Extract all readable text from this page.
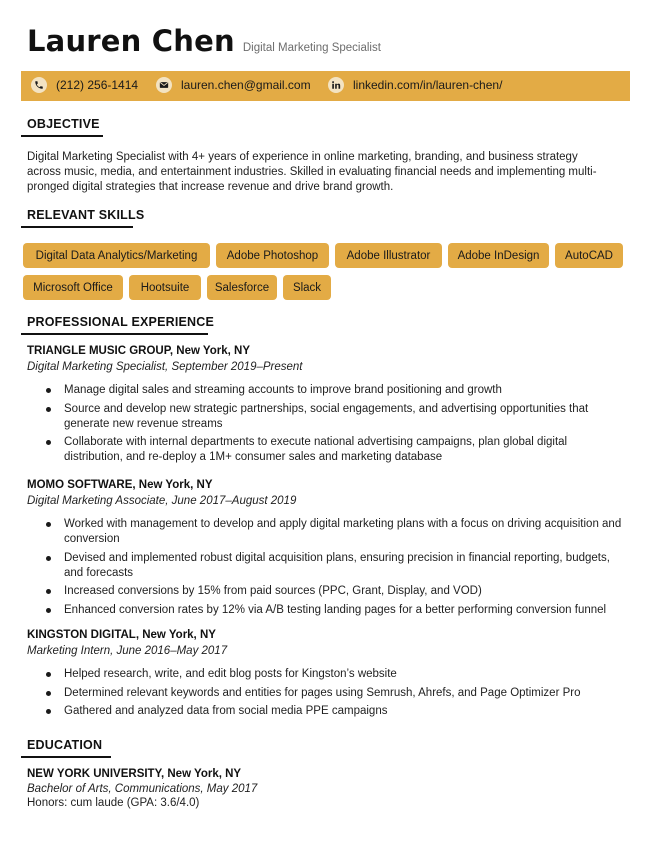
Lauren Chen Digital Marketing Specialist
(212) 256-1414	lauren.chen@gmail.com	linkedin.com/in/lauren-chen/
OBJECTIVE
Digital Marketing Specialist with 4+ years of experience in online marketing, branding, and business strategy across music, media, and entertainment industries. Skilled in evaluating financial needs and implementing multi-pronged digital strategies that increase revenue and drive brand growth.
RELEVANT SKILLS
Digital Data Analytics/Marketing	Adobe Photoshop	Adobe Illustrator	Adobe InDesign	AutoCAD
Microsoft Office	Hootsuite	Salesforce	Slack
PROFESSIONAL EXPERIENCE
TRIANGLE MUSIC GROUP, New York, NY
Digital Marketing Specialist, September 2019–Present
Manage digital sales and streaming accounts to improve brand positioning and growth
Source and develop new strategic partnerships, social engagements, and advertising opportunities that generate new revenue streams
Collaborate with internal departments to execute national advertising campaigns, plan global digital distribution, and re-deploy a 1M+ consumer sales and marketing database
MOMO SOFTWARE, New York, NY
Digital Marketing Associate, June 2017–August 2019
Worked with management to develop and apply digital marketing plans with a focus on driving acquisition and conversion
Devised and implemented robust digital acquisition plans, ensuring precision in financial reporting, budgets, and forecasts
Increased conversions by 15% from paid sources (PPC, Grant, Display, and VOD)
Enhanced conversion rates by 12% via A/B testing landing pages for a better performing conversion funnel
KINGSTON DIGITAL, New York, NY
Marketing Intern, June 2016–May 2017
Helped research, write, and edit blog posts for Kingston’s website
Determined relevant keywords and entities for pages using Semrush, Ahrefs, and Page Optimizer Pro
Gathered and analyzed data from social media PPE campaigns
EDUCATION
NEW YORK UNIVERSITY, New York, NY
Bachelor of Arts, Communications, May 2017
Honors: cum laude (GPA: 3.6/4.0)
